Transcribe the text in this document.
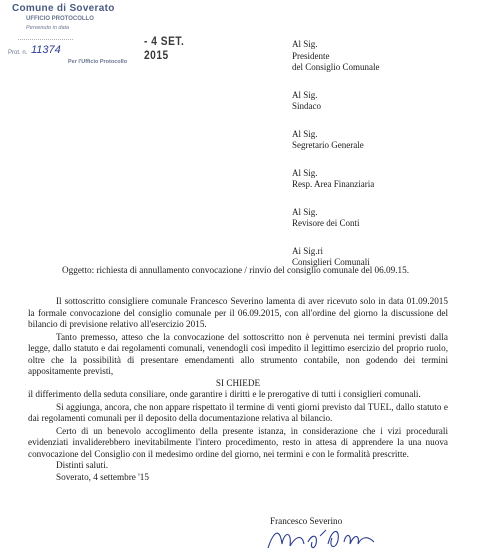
Comune di Soverato
UFFICIO PROTOCOLLO
Pervenuto in data
............................	- 4 SET. 2015
Prot. n. 11374
Per l'Ufficio Protocollo
Al Sig.
Presidente
del Consiglio Comunale
Al Sig.
Sindaco
Al Sig.
Segretario Generale
Al Sig.
Resp. Area Finanziaria
Al Sig.
Revisore dei Conti
Ai Sig.ri
Consiglieri Comunali

Oggetto: richiesta di annullamento convocazione / rinvio del consiglio comunale del 06.09.15.

Il sottoscritto consigliere comunale Francesco Severino lamenta di aver ricevuto solo in data 01.09.2015 la formale convocazione del consiglio comunale per il 06.09.2015, con all'ordine del giorno la discussione del bilancio di previsione relativo all'esercizio 2015.

Tanto premesso, atteso che la convocazione del sottoscritto non è pervenuta nei termini previsti dalla legge, dallo statuto e dai regolamenti comunali, venendogli così impedito il legittimo esercizio del proprio ruolo, oltre che la possibilità di presentare emendamenti allo strumento contabile, non godendo dei termini appositamente previsti,

SI CHIEDE

il differimento della seduta consiliare, onde garantire i diritti e le prerogative di tutti i consiglieri comunali.

Si aggiunga, ancora, che non appare rispettato il termine di venti giorni previsto dal TUEL, dallo statuto e dai regolamenti comunali per il deposito della documentazione relativa al bilancio.

Certo di un benevolo accoglimento della presente istanza, in considerazione che i vizi procedurali evidenziati invaliderebbero inevitabilmente l'intero procedimento, resto in attesa di apprendere la una nuova convocazione del Consiglio con il medesimo ordine del giorno, nei termini e con le formalità prescritte.

Distinti saluti.

Soverato, 4 settembre '15

Francesco Severino
